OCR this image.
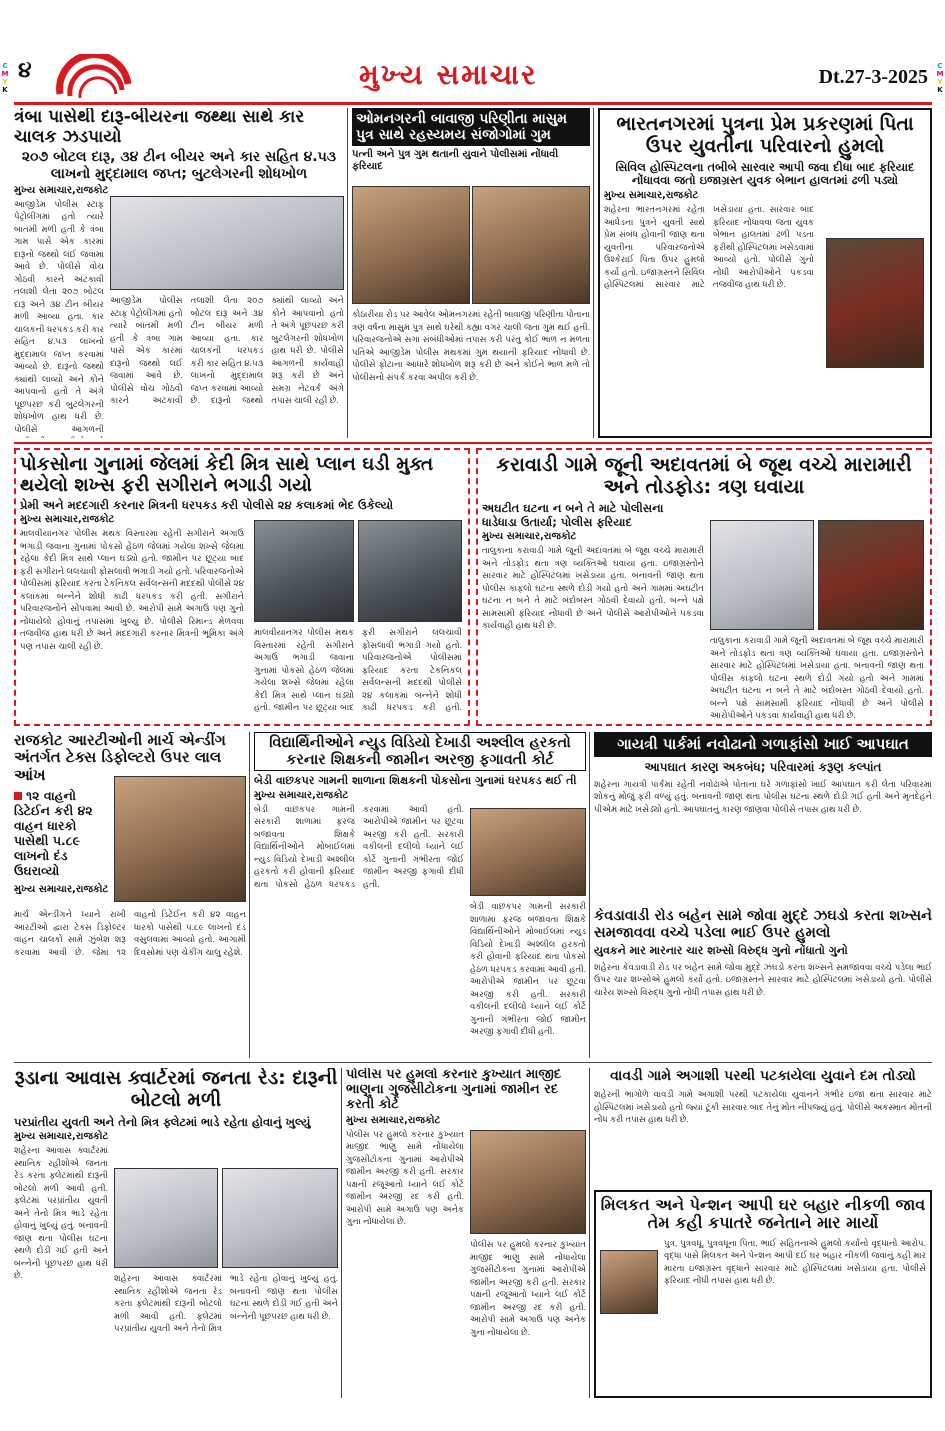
C
M
Y
K
C
M
Y
K
૪	મુખ્ય સમાચાર	Dt.27-3-2025
ત્રંબા પાસેથી દારૂ-બીયરના જથ્થા સાથે કાર ચાલક ઝડપાયો
૨૦૭ બોટલ દારૂ, ૩૪ ટીન બીયર અને કાર સહિત ૪.૫૩ લાખનો મુદ્દામાલ જપ્ત; બુટલેગરની શોધખોળ
મુખ્ય સમાચાર,રાજકોટ
આજીડેમ પોલીસ સ્ટાફ પેટ્રોલીંગમાં હતો ત્યારે બાતમી મળી હતી કે ત્રંબા ગામ પાસે એક કારમાં દારૂનો જથ્થો લઈ જવામાં આવે છે. પોલીસે વોચ ગોઠવી કારને અટકાવી તલાશી લેતા ૨૦૭ બોટલ દારૂ અને ૩૪ ટીન બીયર મળી આવ્યા હતા. કાર ચાલકની ધરપકડ કરી કાર સહિત ૪.૫૩ લાખનો મુદ્દામાલ જપ્ત કરવામાં આવ્યો છે. દારૂનો જથ્થો ક્યાંથી લાવ્યો અને કોને આપવાનો હતો તે અંગે પૂછપરછ કરી બુટલેગરની શોધખોળ હાથ ધરી છે. પોલીસે આગળની
આજીડેમ પોલીસ સ્ટાફ પેટ્રોલીંગમાં હતો ત્યારે બાતમી મળી હતી કે ત્રંબા ગામ પાસે એક કારમાં દારૂનો જથ્થો લઈ જવામાં આવે છે. પોલીસે વોચ ગોઠવી કારને અટકાવી તલાશી લેતા ૨૦૭ બોટલ દારૂ અને ૩૪ ટીન બીયર મળી આવ્યા હતા. કાર ચાલકની ધરપકડ કરી કાર સહિત ૪.૫૩ લાખનો મુદ્દામાલ જપ્ત કરવામાં આવ્યો છે. દારૂનો જથ્થો ક્યાંથી લાવ્યો અને કોને આપવાનો હતો તે અંગે પૂછપરછ કરી બુટલેગરની શોધખોળ હાથ ધરી છે. પોલીસે આગળની કાર્યવાહી શરૂ કરી છે અને સમગ્ર નેટવર્ક અંગે તપાસ ચાલી રહી છે.
ઓમનગરની બાવાજી પરિણીતા માસુમ પુત્ર સાથે રહસ્યમય સંજોગોમાં ગુમ
પત્ની અને પુત્ર ગુમ થતાની યુવાને પોલીસમાં નોંધાવી ફરિયાદ
કોઠારીયા રોડ પર આવેલ ઓમનગરમાં રહેતી બાવાજી પરિણીતા પોતાના ત્રણ વર્ષના માસુમ પુત્ર સાથે ઘરેથી કહ્યા વગર ચાલી જતા ગુમ થઈ હતી. પરિવારજનોએ સગા સંબંધીઓમાં તપાસ કરી પરંતુ કોઈ ભાળ ન મળતા પતિએ આજીડેમ પોલીસ મથકમાં ગુમ થયાની ફરિયાદ નોંધાવી છે. પોલીસે ફોટાના આધારે શોધખોળ શરૂ કરી છે અને કોઈને ભાળ મળે તો પોલીસનો સંપર્ક કરવા અપીલ કરી છે.
ભારતનગરમાં પુત્રના પ્રેમ પ્રકરણમાં પિતા ઉપર યુવતીના પરિવારનો હુમલો
સિવિલ હોસ્પિટલના તબીબે સારવાર આપી જવા દીધા બાદ ફરિયાદ નોંધાવવા જતો ઇજાગ્રસ્ત યુવક બેભાન હાલતમાં ઢળી પડ્યો
મુખ્ય સમાચાર,રાજકોટ
શહેરના ભારતનગરમાં રહેતા આધેડના પુત્રને યુવતી સાથે પ્રેમ સંબંધ હોવાની જાણ થતા યુવતીના પરિવારજનોએ ઉશ્કેરાઈ પિતા ઉપર હુમલો કર્યો હતો. ઇજાગ્રસ્તને સિવિલ હોસ્પિટલમાં સારવાર માટે ખસેડાયા હતા. સારવાર બાદ ફરિયાદ નોંધાવવા જતા યુવક બેભાન હાલતમાં ઢળી પડતા ફરીથી હોસ્પિટલમાં ખસેડવામાં આવ્યો હતો. પોલીસે ગુનો નોંધી આરોપીઓને પકડવા તજવીજ હાથ ધરી છે.
પોકસોના ગુનામાં જેલમાં કેદી મિત્ર સાથે પ્લાન ઘડી મુક્ત થયેલો શખ્સ ફરી સગીરાને ભગાડી ગયો
પ્રેમી અને મદદગારી કરનાર મિત્રની ધરપકડ કરી પોલીસે ૨૪ કલાકમાં ભેદ ઉકેલ્યો
મુખ્ય સમાચાર,રાજકોટ
માલવીયાનગર પોલીસ મથક વિસ્તારમાં રહેતી સગીરાને અગાઉ ભગાડી જવાના ગુનામાં પોકસો હેઠળ જેલમાં ગયેલા શખ્સે જેલમાં રહેલા કેદી મિત્ર સાથે પ્લાન ઘડ્યો હતો. જામીન પર છૂટ્યા બાદ ફરી સગીરાને લલચાવી ફોસલાવી ભગાડી ગયો હતો. પરિવારજનોએ પોલીસમાં ફરિયાદ કરતા ટેકનિકલ સર્વેલન્સની મદદથી પોલીસે ૨૪ કલાકમાં બન્નેને શોધી કાઢી ધરપકડ કરી હતી. સગીરાને પરિવારજનોને સોંપવામાં આવી છે. આરોપી સામે અગાઉ પણ ગુનો નોંધાયેલો હોવાનું તપાસમાં ખુલ્યું છે. પોલીસે રિમાન્ડ મેળવવા તજવીજ હાથ ધરી છે અને મદદગારી કરનાર મિત્રની ભૂમિકા અંગે પણ તપાસ ચાલી રહી છે.
માલવીયાનગર પોલીસ મથક વિસ્તારમાં રહેતી સગીરાને અગાઉ ભગાડી જવાના ગુનામાં પોકસો હેઠળ જેલમાં ગયેલા શખ્સે જેલમાં રહેલા કેદી મિત્ર સાથે પ્લાન ઘડ્યો હતો. જામીન પર છૂટ્યા બાદ ફરી સગીરાને લલચાવી ફોસલાવી ભગાડી ગયો હતો. પરિવારજનોએ પોલીસમાં ફરિયાદ કરતા ટેકનિકલ સર્વેલન્સની મદદથી પોલીસે ૨૪ કલાકમાં બન્નેને શોધી કાઢી ધરપકડ કરી હતી.
કરાવાડી ગામે જૂની અદાવતમાં બે જૂથ વચ્ચે મારામારી અને તોડફોડ: ત્રણ ઘવાયા
અઘટીત ઘટના ન બને તે માટે પોલીસના ધાડેધાડા ઉતાર્યા; પોલીસ ફરિયાદ
મુખ્ય સમાચાર,રાજકોટ
તાલુકાના કરાવાડી ગામે જૂની અદાવતમાં બે જૂથ વચ્ચે મારામારી અને તોડફોડ થતા ત્રણ વ્યક્તિઓ ઘવાયા હતા. ઇજાગ્રસ્તોને સારવાર માટે હોસ્પિટલમાં ખસેડાયા હતા. બનાવની જાણ થતા પોલીસ કાફલો ઘટના સ્થળે દોડી ગયો હતો અને ગામમાં અઘટીત ઘટના ન બને તે માટે બંદોબસ્ત ગોઠવી દેવાયો હતો. બન્ને પક્ષે સામસામી ફરિયાદ નોંધાવી છે અને પોલીસે આરોપીઓને પકડવા કાર્યવાહી હાથ ધરી છે.
તાલુકાના કરાવાડી ગામે જૂની અદાવતમાં બે જૂથ વચ્ચે મારામારી અને તોડફોડ થતા ત્રણ વ્યક્તિઓ ઘવાયા હતા. ઇજાગ્રસ્તોને સારવાર માટે હોસ્પિટલમાં ખસેડાયા હતા. બનાવની જાણ થતા પોલીસ કાફલો ઘટના સ્થળે દોડી ગયો હતો અને ગામમાં અઘટીત ઘટના ન બને તે માટે બંદોબસ્ત ગોઠવી દેવાયો હતો. બન્ને પક્ષે સામસામી ફરિયાદ નોંધાવી છે અને પોલીસે આરોપીઓને પકડવા કાર્યવાહી હાથ ધરી છે.
રાજકોટ આરટીઓની માર્ચ એન્ડીંગ અંતર્ગત ટેક્સ ડિફોલ્ટરો ઉપર લાલ આંખ
૧૨ વાહનો ડિટેઈન કરી ૪૨ વાહન ધારકો પાસેથી ૫.૮૯ લાખનો દંડ ઉઘરાવ્યો
મુખ્ય સમાચાર,રાજકોટ
માર્ચ એન્ડીંગને ધ્યાને રાખી આરટીઓ દ્વારા ટેક્સ ડિફોલ્ટર વાહન ચાલકો સામે ઝુંબેશ શરૂ કરવામાં આવી છે. જેમાં ૧૨ વાહનો ડિટેઈન કરી ૪૨ વાહન ધારકો પાસેથી ૫.૮૯ લાખનો દંડ વસુલવામાં આવ્યો હતો. આગામી દિવસોમાં પણ ચેકીંગ ચાલુ રહેશે.
વિદ્યાર્થિનીઓને ન્યુડ વિડિયો દેખાડી અશ્લીલ હરકતો કરનાર શિક્ષકની જામીન અરજી ફગાવતી કોર્ટ
બેડી વાછકપર ગામની શાળાના શિક્ષકની પોકસોના ગુનામાં ધરપકડ થઈ તી
મુખ્ય સમાચાર,રાજકોટ
બેડી વાછકપર ગામની સરકારી શાળામાં ફરજ બજાવતા શિક્ષકે વિદ્યાર્થિનીઓને મોબાઈલમાં ન્યુડ વિડિયો દેખાડી અશ્લીલ હરકતો કરી હોવાની ફરિયાદ થતા પોકસો હેઠળ ધરપકડ કરવામાં આવી હતી. આરોપીએ જામીન પર છૂટવા અરજી કરી હતી. સરકારી વકીલની દલીલો ધ્યાને લઈ કોર્ટે ગુનાની ગંભીરતા જોઈ જામીન અરજી ફગાવી દીધી હતી.
બેડી વાછકપર ગામની સરકારી શાળામાં ફરજ બજાવતા શિક્ષકે વિદ્યાર્થિનીઓને મોબાઈલમાં ન્યુડ વિડિયો દેખાડી અશ્લીલ હરકતો કરી હોવાની ફરિયાદ થતા પોકસો હેઠળ ધરપકડ કરવામાં આવી હતી. આરોપીએ જામીન પર છૂટવા અરજી કરી હતી. સરકારી વકીલની દલીલો ધ્યાને લઈ કોર્ટે ગુનાની ગંભીરતા જોઈ જામીન અરજી ફગાવી દીધી હતી.
ગાયત્રી પાર્કમાં નવોઢાનો ગળાફાંસો ખાઈ આપઘાત
આપઘાત કારણ અકબંધ; પરિવારમાં કરૂણ કલ્પાંત
શહેરના ગાયત્રી પાર્કમાં રહેતી નવોઢાએ પોતાના ઘરે ગળાફાંસો ખાઈ આપઘાત કરી લેતા પરિવારમાં શોકનું મોજું ફરી વળ્યું હતું. બનાવની જાણ થતા પોલીસ ઘટના સ્થળે દોડી ગઈ હતી અને મૃતદેહને પીએમ માટે ખસેડ્યો હતો. આપઘાતનું કારણ જાણવા પોલીસે તપાસ હાથ ધરી છે.
કેવડાવાડી રોડ બહેન સામે જોવા મુદ્દે ઝઘડો કરતા શખ્સને સમજાવવા વચ્ચે પડેલા ભાઈ ઉપર હુમલો
યુવકને માર મારનાર ચાર શખ્સો વિરુદ્ધ ગુનો નોંધાતો ગુનો
શહેરના કેવડાવાડી રોડ પર બહેન સામે જોવા મુદ્દે ઝઘડો કરતા શખ્સને સમજાવવા વચ્ચે પડેલા ભાઈ ઉપર ચાર શખ્સોએ હુમલો કર્યો હતો. ઇજાગ્રસ્તને સારવાર માટે હોસ્પિટલમાં ખસેડાયો હતો. પોલીસે ચારેય શખ્સો વિરુદ્ધ ગુનો નોંધી તપાસ હાથ ધરી છે.
રૂડાના આવાસ ક્વાર્ટરમાં જનતા રેડ: દારૂની બોટલો મળી
પરપ્રાંતીય યુવતી અને તેનો મિત્ર ફ્લેટમાં ભાડે રહેતા હોવાનું ખુલ્યું
મુખ્ય સમાચાર,રાજકોટ
શહેરના આવાસ ક્વાર્ટરમાં સ્થાનિક રહીશોએ જનતા રેડ કરતા ફ્લેટમાંથી દારૂની બોટલો મળી આવી હતી. ફ્લેટમાં પરપ્રાંતીય યુવતી અને તેનો મિત્ર ભાડે રહેતા હોવાનું ખુલ્યું હતું. બનાવની જાણ થતા પોલીસ ઘટના સ્થળે દોડી ગઈ હતી અને બન્નેની પૂછપરછ હાથ ધરી છે.	શહેરના આવાસ ક્વાર્ટરમાં સ્થાનિક રહીશોએ જનતા રેડ કરતા ફ્લેટમાંથી દારૂની બોટલો મળી આવી હતી. ફ્લેટમાં પરપ્રાંતીય યુવતી અને તેનો મિત્ર ભાડે રહેતા હોવાનું ખુલ્યું હતું. બનાવની જાણ થતા પોલીસ ઘટના સ્થળે દોડી ગઈ હતી અને બન્નેની પૂછપરછ હાથ ધરી છે.
પોલીસ પર હુમલો કરનાર કુખ્યાત માજીદ ભાણુના ગુજસીટોકના ગુનામાં જામીન રદ કરતી કોર્ટ
મુખ્ય સમાચાર,રાજકોટ
પોલીસ પર હુમલો કરનાર કુખ્યાત માજીદ ભાણુ સામે નોંધાયેલા ગુજસીટોકના ગુનામાં આરોપીએ જામીન અરજી કરી હતી. સરકાર પક્ષની રજૂઆતો ધ્યાને લઈ કોર્ટે જામીન અરજી રદ કરી હતી. આરોપી સામે અગાઉ પણ અનેક ગુના નોંધાયેલા છે.
પોલીસ પર હુમલો કરનાર કુખ્યાત માજીદ ભાણુ સામે નોંધાયેલા ગુજસીટોકના ગુનામાં આરોપીએ જામીન અરજી કરી હતી. સરકાર પક્ષની રજૂઆતો ધ્યાને લઈ કોર્ટે જામીન અરજી રદ કરી હતી. આરોપી સામે અગાઉ પણ અનેક ગુના નોંધાયેલા છે.
વાવડી ગામે અગાશી પરથી પટકાયેલા યુવાને દમ તોડ્યો
શહેરની ભાગોળે વાવડી ગામે અગાશી પરથી પટકાયેલા યુવાનને ગંભીર ઇજા થતા સારવાર માટે હોસ્પિટલમાં ખસેડાયો હતો જ્યાં ટૂંકી સારવાર બાદ તેનું મોત નીપજ્યું હતું. પોલીસે અકસ્માત મોતની નોંધ કરી તપાસ હાથ ધરી છે.
મિલકત અને પેન્શન આપી ઘર બહાર નીકળી જાવ તેમ કહી કપાતરે જનેતાને માર માર્યો
પુત્ર, પુત્રવધૂ, પુત્રવધૂના પિતા, ભાઈ સહિતનાએ હુમલો કર્યાનો વૃદ્ધાનો આરોપ. વૃદ્ધા પાસે મિલકત અને પેન્શન આપી દઈ ઘર બહાર નીકળી જવાનું કહી માર મારતા ઇજાગ્રસ્ત વૃદ્ધાને સારવાર માટે હોસ્પિટલમાં ખસેડાયા હતા. પોલીસે ફરિયાદ નોંધી તપાસ હાથ ધરી છે.
